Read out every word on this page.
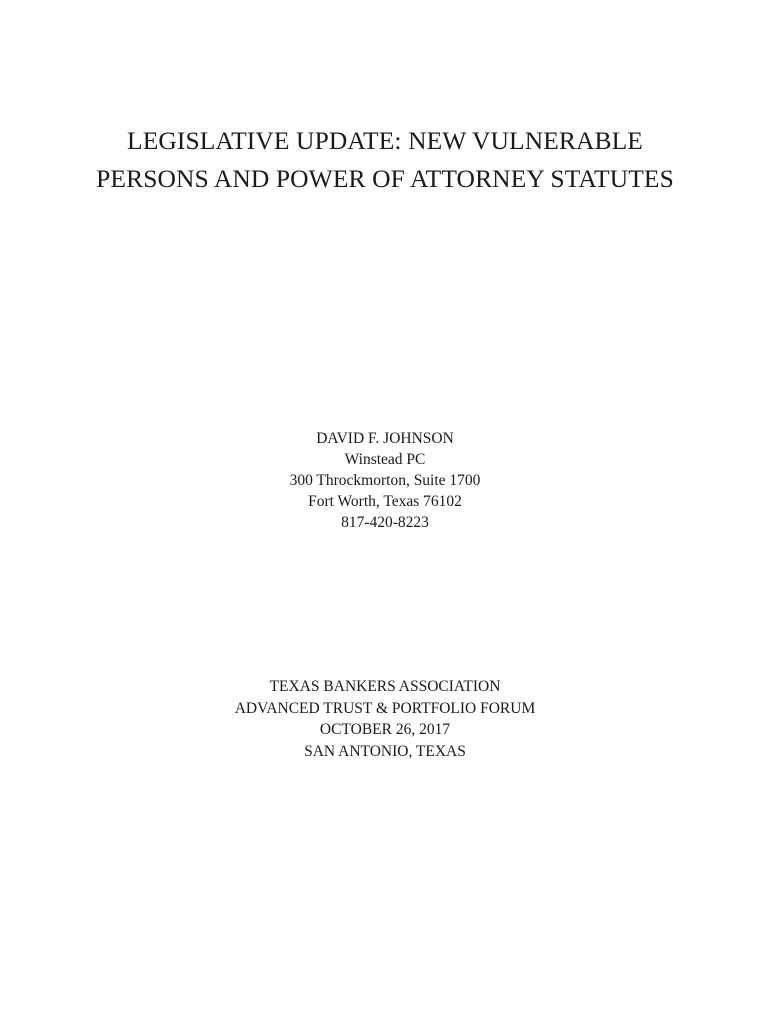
LEGISLATIVE UPDATE: NEW VULNERABLE
PERSONS AND POWER OF ATTORNEY STATUTES
DAVID F. JOHNSON
Winstead PC
300 Throckmorton, Suite 1700
Fort Worth, Texas 76102
817-420-8223
TEXAS BANKERS ASSOCIATION
ADVANCED TRUST & PORTFOLIO FORUM
OCTOBER 26, 2017
SAN ANTONIO, TEXAS
